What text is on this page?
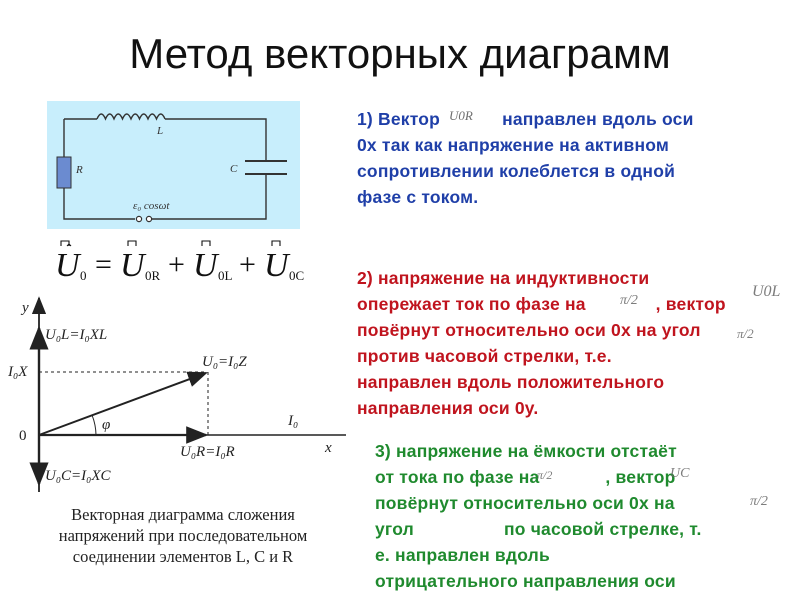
Метод векторных диаграмм
L
R	C
ε₀ cosωt
U 0 = U 0R + U 0L + U 0C
y
x
0
U₀L=I₀XL
I₀X
U₀=I₀Z
φ	I₀
U₀R=I₀R
U₀C=I₀XC
Векторная диаграмма сложения
напряжений при последовательном
соединении элементов L, C и R
1) Вектор	направлен вдоль оси
0x так как напряжение на активном
сопротивлении колеблется в одной
фазе с током.
U0R
2) напряжение на индуктивности
опережает ток по фазе на	, вектор
повёрнут относительно оси 0x на угол
против часовой стрелки, т.е.
направлен вдоль положительного
направления оси 0y.
π/2
U0L
π/2
3) напряжение на ёмкости отстаёт
от тока по фазе на	, вектор
повёрнут относительно оси 0x на
угол	по часовой стрелке, т.
е. направлен вдоль
отрицательного направления оси
π/2	UC
π/2
